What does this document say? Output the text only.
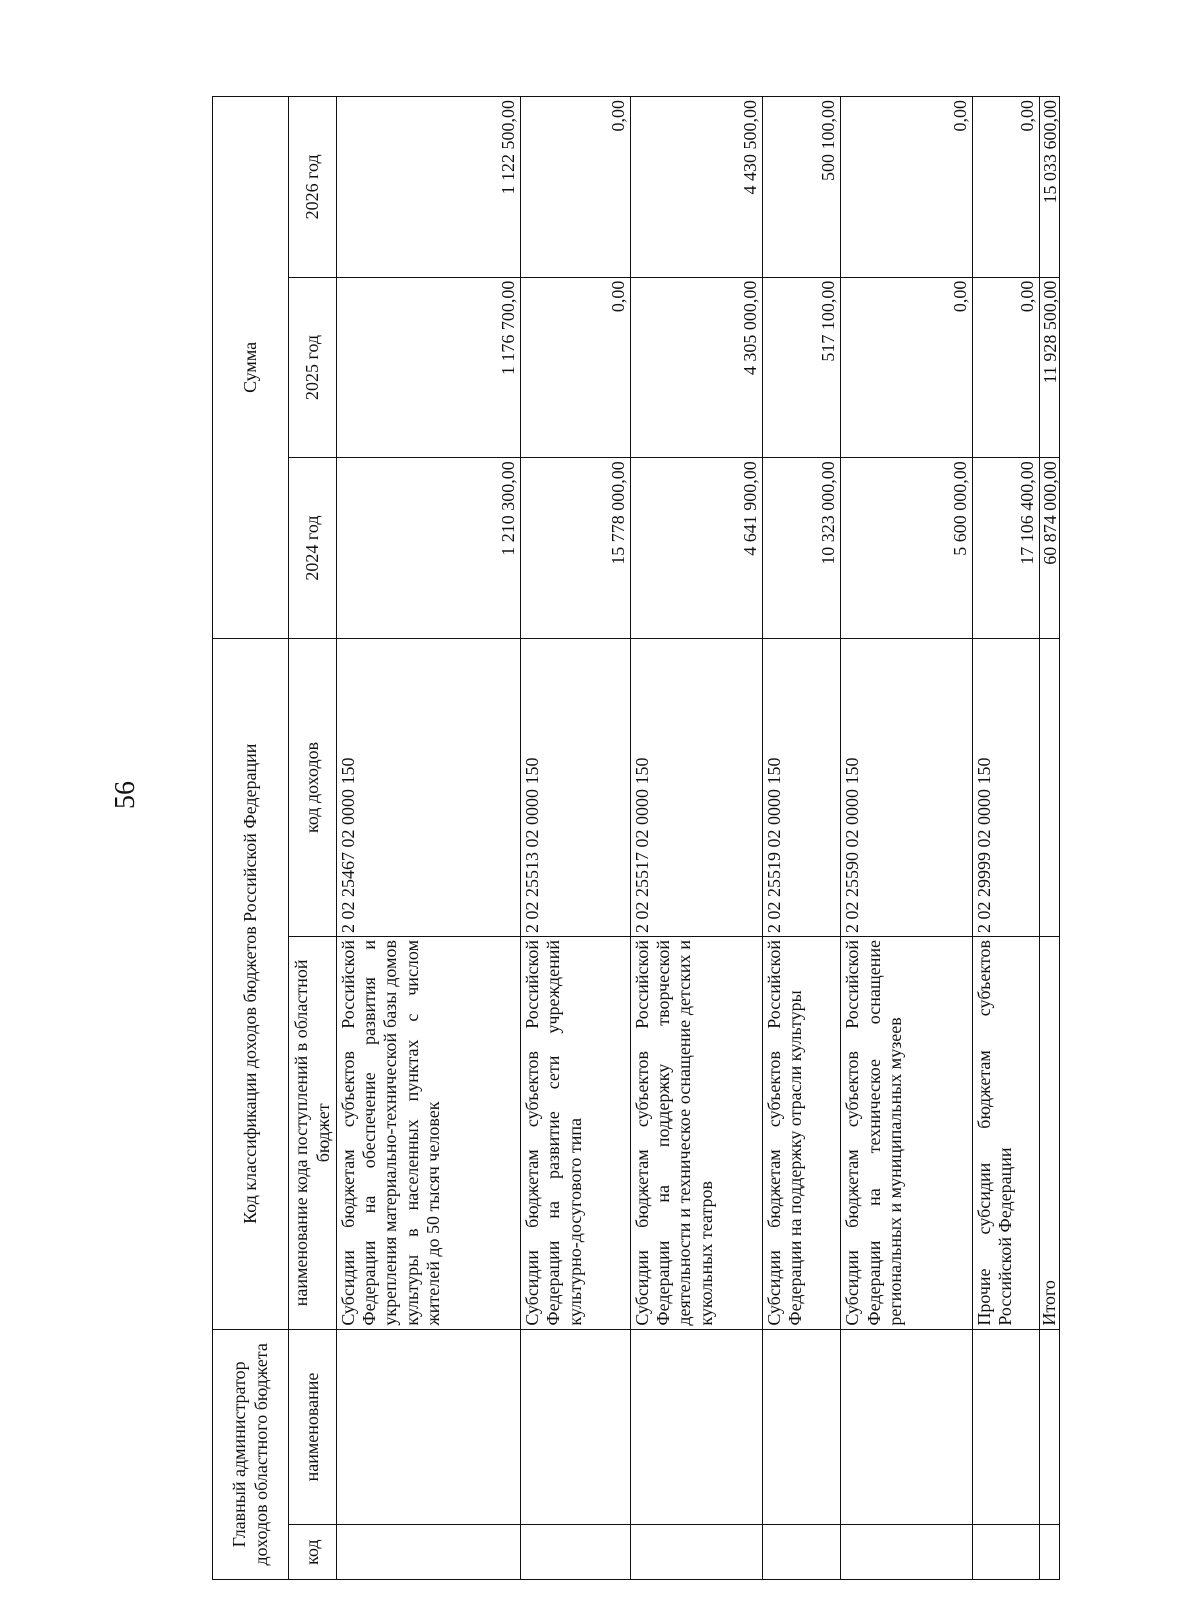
56
Главный администратор доходов областного бюджета		Код классификации доходов бюджетов Российской Федерации		Сумма		
код	наименование	наименование кода поступлений в областной бюджет	код доходов	2024 год	2025 год	2026 год
		Субсидии бюджетам субъектов Российской Федерации на обеспечение развития и укрепления материально-технической базы домов культуры в населенных пунктах с числом жителей до 50 тысяч человек	2 02 25467 02 0000 150	1 210 300,00	1 176 700,00	1 122 500,00
		Субсидии бюджетам субъектов Российской Федерации на развитие сети учреждений культурно-досугового типа	2 02 25513 02 0000 150	15 778 000,00	0,00	0,00
		Субсидии бюджетам субъектов Российской Федерации на поддержку творческой деятельности и техническое оснащение детских и кукольных театров	2 02 25517 02 0000 150	4 641 900,00	4 305 000,00	4 430 500,00
		Субсидии бюджетам субъектов Российской Федерации на поддержку отрасли культуры	2 02 25519 02 0000 150	10 323 000,00	517 100,00	500 100,00
		Субсидии бюджетам субъектов Российской Федерации на техническое оснащение региональных и муниципальных музеев	2 02 25590 02 0000 150	5 600 000,00	0,00	0,00
		Прочие субсидии бюджетам субъектов Российской Федерации	2 02 29999 02 0000 150	17 106 400,00	0,00	0,00
		Итого		60 874 000,00	11 928 500,00	15 033 600,00
